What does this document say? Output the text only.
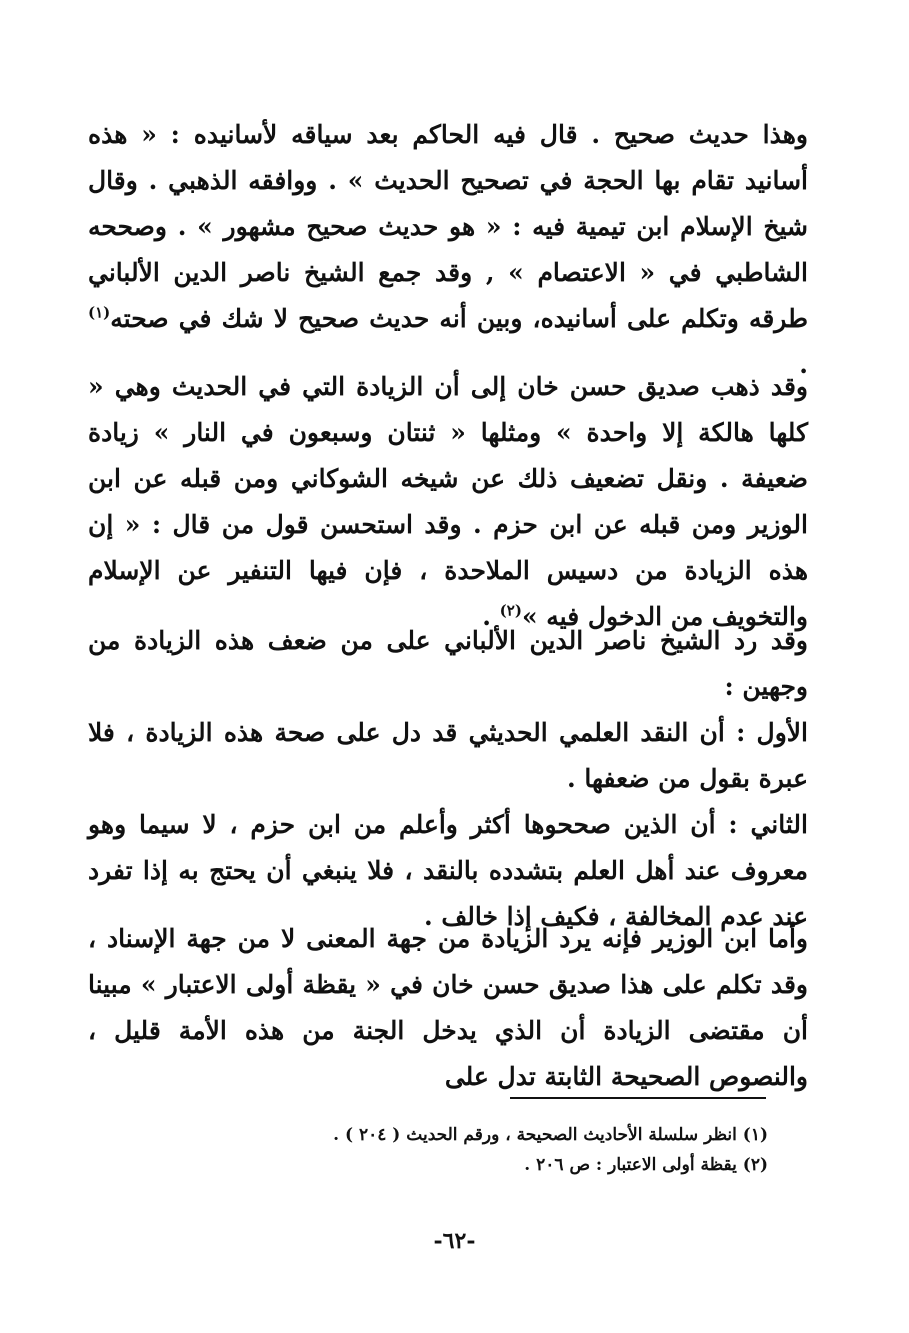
وهذا حديث صحيح . قال فيه الحاكم بعد سياقه لأسانيده : « هذه أسانيد تقام بها الحجة في تصحيح الحديث » . ووافقه الذهبي . وقال شيخ الإسلام ابن تيمية فيه : « هو حديث صحيح مشهور » . وصححه الشاطبي في « الاعتصام » , وقد جمع الشيخ ناصر الدين الألباني طرقه وتكلم على أسانيده، وبين أنه حديث صحيح لا شك في صحته$^{(١)}$ .

وقد ذهب صديق حسن خان إلى أن الزيادة التي في الحديث وهي « كلها هالكة إلا واحدة » ومثلها « ثنتان وسبعون في النار » زيادة ضعيفة . ونقل تضعيف ذلك عن شيخه الشوكاني ومن قبله عن ابن الوزير ومن قبله عن ابن حزم . وقد استحسن قول من قال : « إن هذه الزيادة من دسيس الملاحدة ، فإن فيها التنفير عن الإسلام والتخويف من الدخول فيه »$^{(٢)}$ .

وقد رد الشيخ ناصر الدين الألباني على من ضعف هذه الزيادة من وجهين :
الأول : أن النقد العلمي الحديثي قد دل على صحة هذه الزيادة ، فلا عبرة بقول من ضعفها .
الثاني : أن الذين صححوها أكثر وأعلم من ابن حزم ، لا سيما وهو معروف عند أهل العلم بتشدده بالنقد ، فلا ينبغي أن يحتج به إذا تفرد عند عدم المخالفة ، فكيف إذا خالف .

وأما ابن الوزير فإنه يرد الزيادة من جهة المعنى لا من جهة الإسناد ، وقد تكلم على هذا صديق حسن خان في « يقظة أولى الاعتبار » مبينا أن مقتضى الزيادة أن الذي يدخل الجنة من هذه الأمة قليل ، والنصوص الصحيحة الثابتة تدل على

(١) انظر سلسلة الأحاديث الصحيحة ، ورقم الحديث ( ٢٠٤ ) .

(٢) يقظة أولى الاعتبار : ص ٢٠٦ .

-٦٢-
